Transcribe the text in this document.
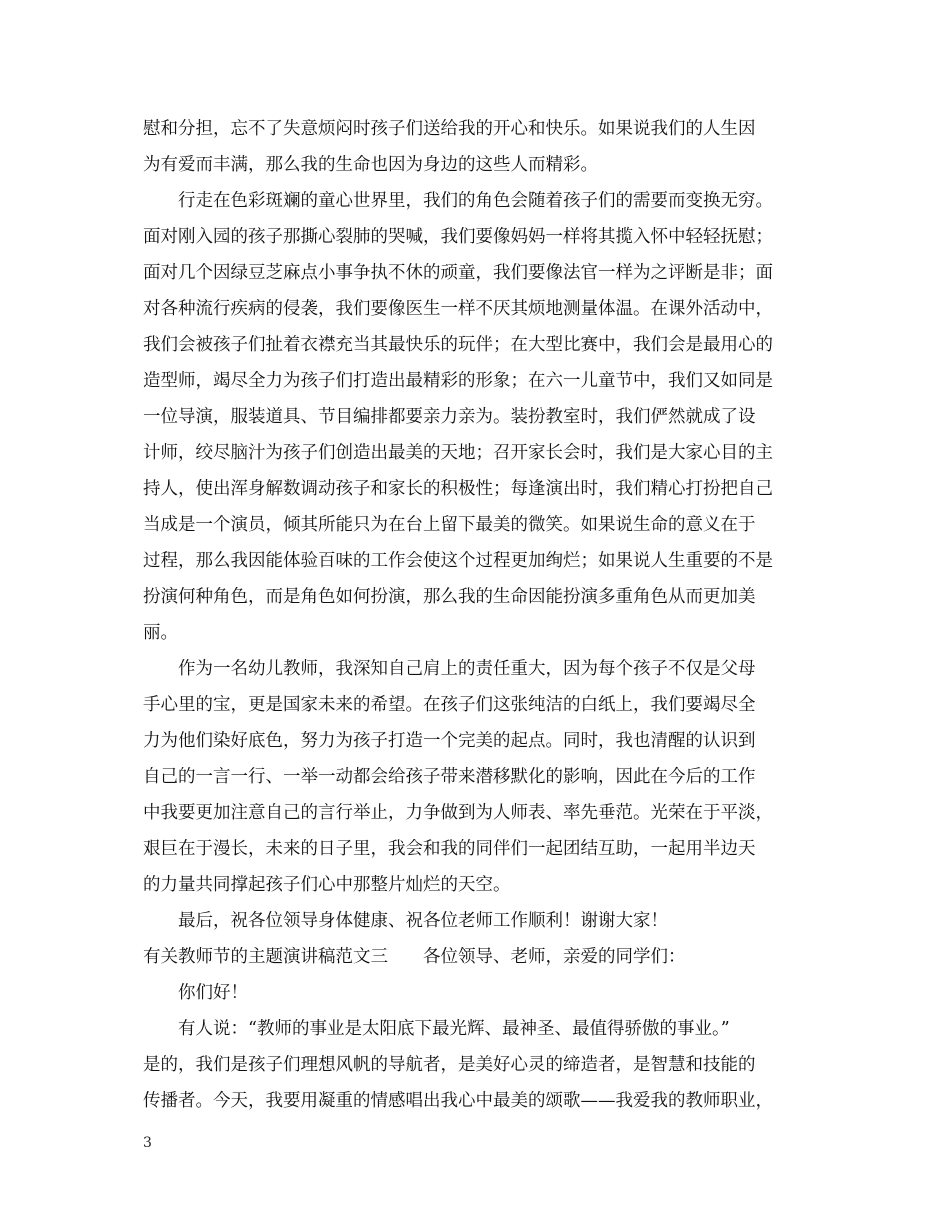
慰和分担，忘不了失意烦闷时孩子们送给我的开心和快乐。如果说我们的人生因
为有爱而丰满，那么我的生命也因为身边的这些人而精彩。
行走在色彩斑斓的童心世界里，我们的角色会随着孩子们的需要而变换无穷。
面对刚入园的孩子那撕心裂肺的哭喊，我们要像妈妈一样将其揽入怀中轻轻抚慰；
面对几个因绿豆芝麻点小事争执不休的顽童，我们要像法官一样为之评断是非；面
对各种流行疾病的侵袭，我们要像医生一样不厌其烦地测量体温。在课外活动中，
我们会被孩子们扯着衣襟充当其最快乐的玩伴；在大型比赛中，我们会是最用心的
造型师，竭尽全力为孩子们打造出最精彩的形象；在六一儿童节中，我们又如同是
一位导演，服装道具、节目编排都要亲力亲为。装扮教室时，我们俨然就成了设
计师，绞尽脑汁为孩子们创造出最美的天地；召开家长会时，我们是大家心目的主
持人，使出浑身解数调动孩子和家长的积极性；每逢演出时，我们精心打扮把自己
当成是一个演员，倾其所能只为在台上留下最美的微笑。如果说生命的意义在于
过程，那么我因能体验百味的工作会使这个过程更加绚烂；如果说人生重要的不是
扮演何种角色，而是角色如何扮演，那么我的生命因能扮演多重角色从而更加美
丽。
作为一名幼儿教师，我深知自己肩上的责任重大，因为每个孩子不仅是父母
手心里的宝，更是国家未来的希望。在孩子们这张纯洁的白纸上，我们要竭尽全
力为他们染好底色，努力为孩子打造一个完美的起点。同时，我也清醒的认识到
自己的一言一行、一举一动都会给孩子带来潜移默化的影响，因此在今后的工作
中我要更加注意自己的言行举止，力争做到为人师表、率先垂范。光荣在于平淡，
艰巨在于漫长，未来的日子里，我会和我的同伴们一起团结互助，一起用半边天
的力量共同撑起孩子们心中那整片灿烂的天空。
最后，祝各位领导身体健康、祝各位老师工作顺利！谢谢大家！
有关教师节的主题演讲稿范文三　　各位领导、老师，亲爱的同学们：
你们好！
有人说：“教师的事业是太阳底下最光辉、最神圣、最值得骄傲的事业。”
是的，我们是孩子们理想风帆的导航者，是美好心灵的缔造者，是智慧和技能的
传播者。今天，我要用凝重的情感唱出我心中最美的颂歌——我爱我的教师职业，
3
